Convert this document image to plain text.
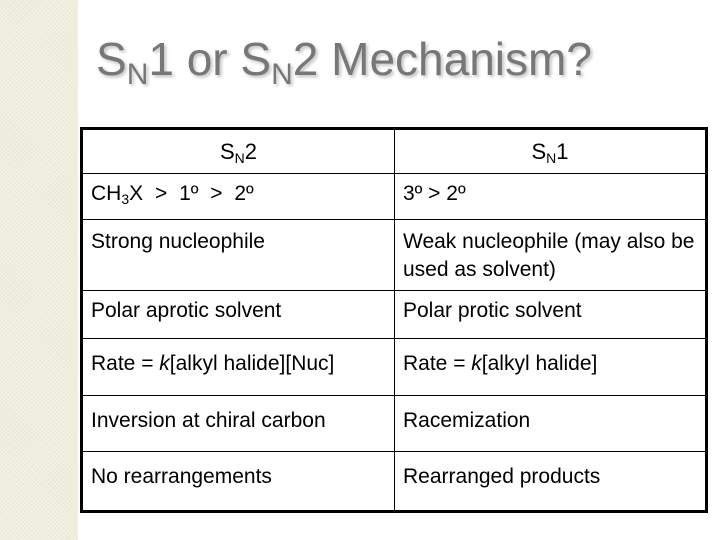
$S_N1$ or $S_N2$ Mechanism?
$S_N2$	$S_N1$

$CH_3X$ > 1º > 2º	3º > 2º

Strong nucleophile	Weak nucleophile (may also be used as solvent)

Polar aprotic solvent	Polar protic solvent

Rate = k[alkyl halide][Nuc]	Rate = k[alkyl halide]

Inversion at chiral carbon	Racemization

No rearrangements	Rearranged products
